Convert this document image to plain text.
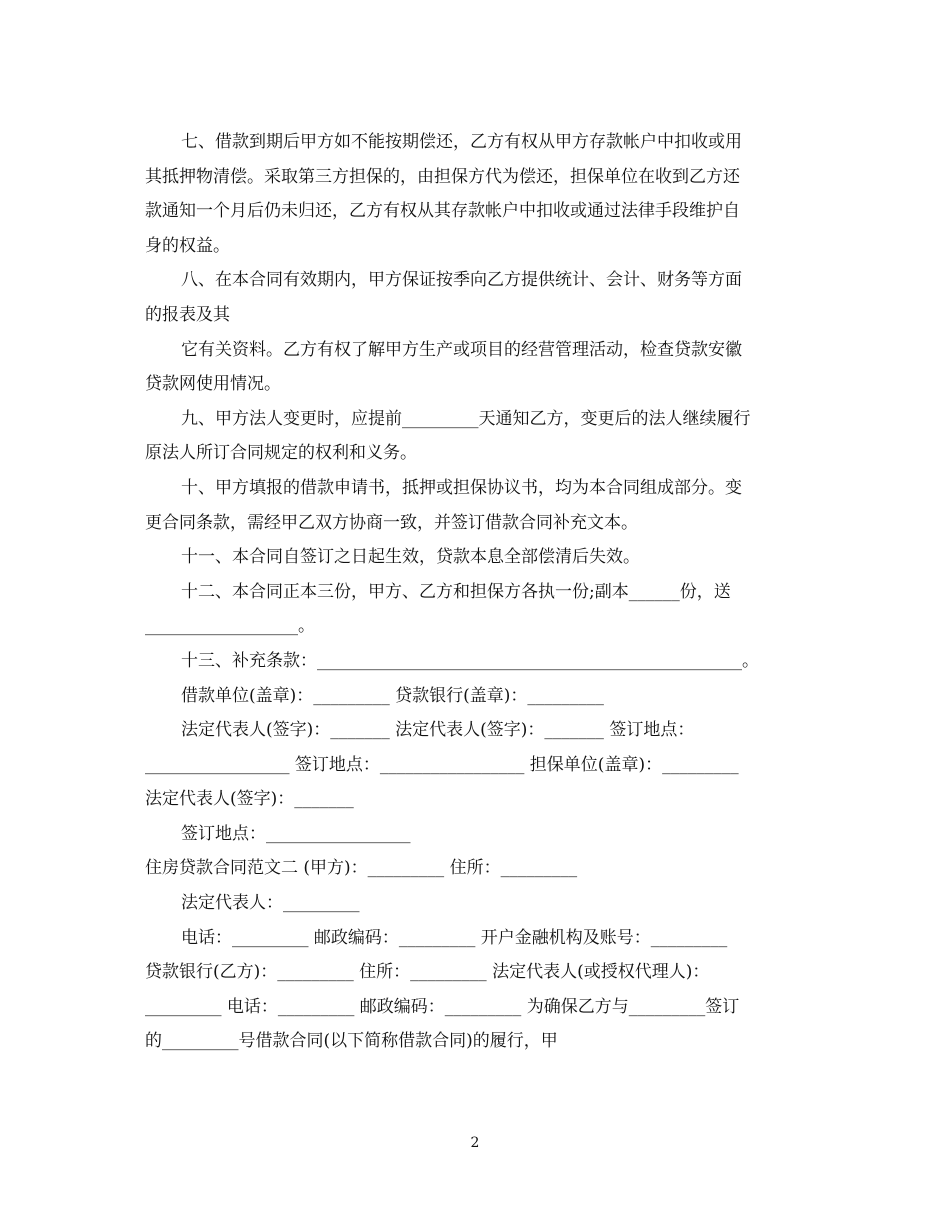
七、借款到期后甲方如不能按期偿还，乙方有权从甲方存款帐户中扣收或用
其抵押物清偿。采取第三方担保的，由担保方代为偿还，担保单位在收到乙方还
款通知一个月后仍未归还，乙方有权从其存款帐户中扣收或通过法律手段维护自
身的权益。
八、在本合同有效期内，甲方保证按季向乙方提供统计、会计、财务等方面
的报表及其
它有关资料。乙方有权了解甲方生产或项目的经营管理活动，检查贷款安徽
贷款网使用情况。
九、甲方法人变更时，应提前_________天通知乙方，变更后的法人继续履行
原法人所订合同规定的权利和义务。
十、甲方填报的借款申请书，抵押或担保协议书，均为本合同组成部分。变
更合同条款，需经甲乙双方协商一致，并签订借款合同补充文本。
十一、本合同自签订之日起生效，贷款本息全部偿清后失效。
十二、本合同正本三份，甲方、乙方和担保方各执一份;副本______份，送
__________________。
十三、补充条款：__________________________________________________。
借款单位(盖章)：_________ 贷款银行(盖章)：_________
法定代表人(签字)：_______ 法定代表人(签字)：_______ 签订地点：
_________________ 签订地点：_________________ 担保单位(盖章)：_________
法定代表人(签字)：_______
签订地点：_________________
住房贷款合同范文二 (甲方)：_________ 住所：_________
法定代表人：_________
电话：_________ 邮政编码：_________ 开户金融机构及账号：_________
贷款银行(乙方)：_________ 住所：_________ 法定代表人(或授权代理人)：
_________ 电话：_________ 邮政编码：_________ 为确保乙方与_________签订
的_________号借款合同(以下简称借款合同)的履行，甲
2
